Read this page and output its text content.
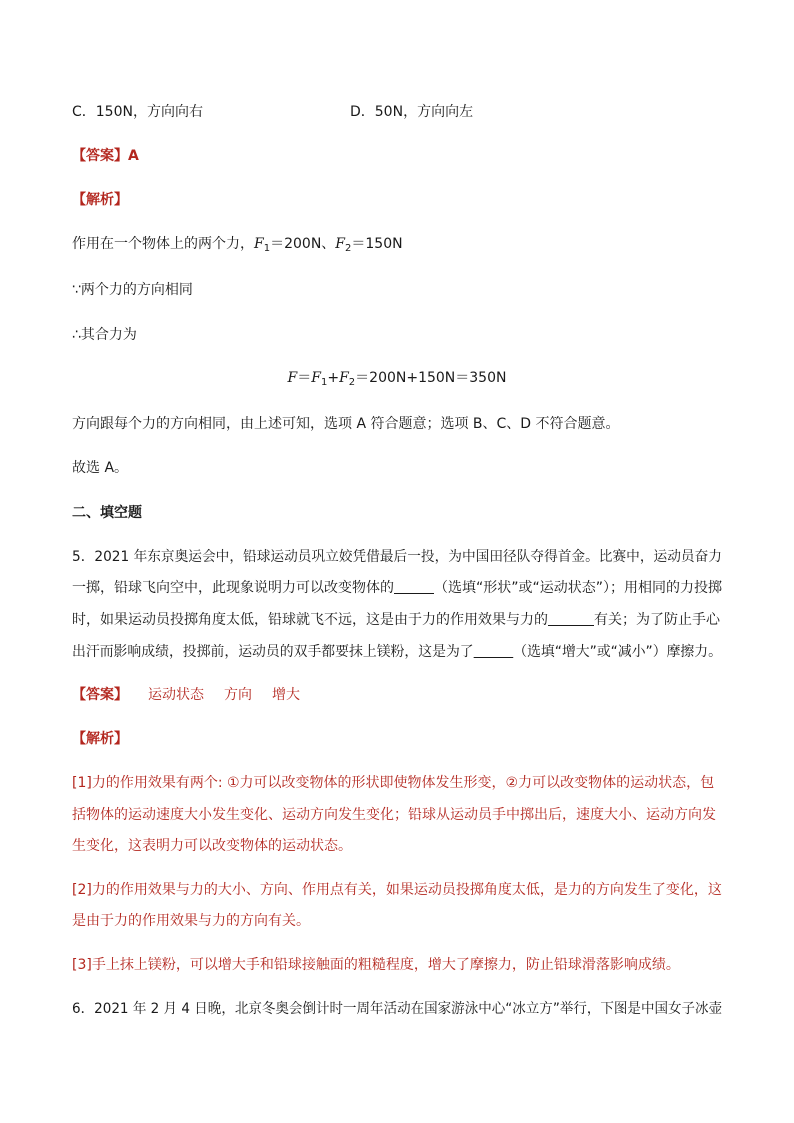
C．150N，方向向右	D．50N，方向向左
【答案】A
【解析】
作用在一个物体上的两个力，$F_1=200N$、$F_2=150N$
∵两个力的方向相同
∴其合力为
$F=F_1+F_2=200N+150N=350N$
方向跟每个力的方向相同，由上述可知，选项 A 符合题意；选项 B、C、D 不符合题意。
故选 A。
二、填空题
5．2021 年东京奥运会中，铅球运动员巩立姣凭借最后一投，为中国田径队夺得首金。比赛中，运动员奋力
一掷，铅球飞向空中，此现象说明力可以改变物体的	（选填“形状”或“运动状态”）；用相同的力投掷
时，如果运动员投掷角度太低，铅球就飞不远，这是由于力的作用效果与力的	有关；为了防止手心
出汗而影响成绩，投掷前，运动员的双手都要抹上镁粉，这是为了	（选填“增大”或“减小”）摩擦力。
【答案】 运动状态 方向 增大
【解析】
[1]力的作用效果有两个: ①力可以改变物体的形状即使物体发生形变，②力可以改变物体的运动状态，包
括物体的运动速度大小发生变化、运动方向发生变化；铅球从运动员手中掷出后，速度大小、运动方向发
生变化，这表明力可以改变物体的运动状态。
[2]力的作用效果与力的大小、方向、作用点有关，如果运动员投掷角度太低，是力的方向发生了变化，这
是由于力的作用效果与力的方向有关。
[3]手上抹上镁粉，可以增大手和铅球接触面的粗糙程度，增大了摩擦力，防止铅球滑落影响成绩。
6．2021 年 2 月 4 日晚，北京冬奥会倒计时一周年活动在国家游泳中心“冰立方”举行，下图是中国女子冰壶
